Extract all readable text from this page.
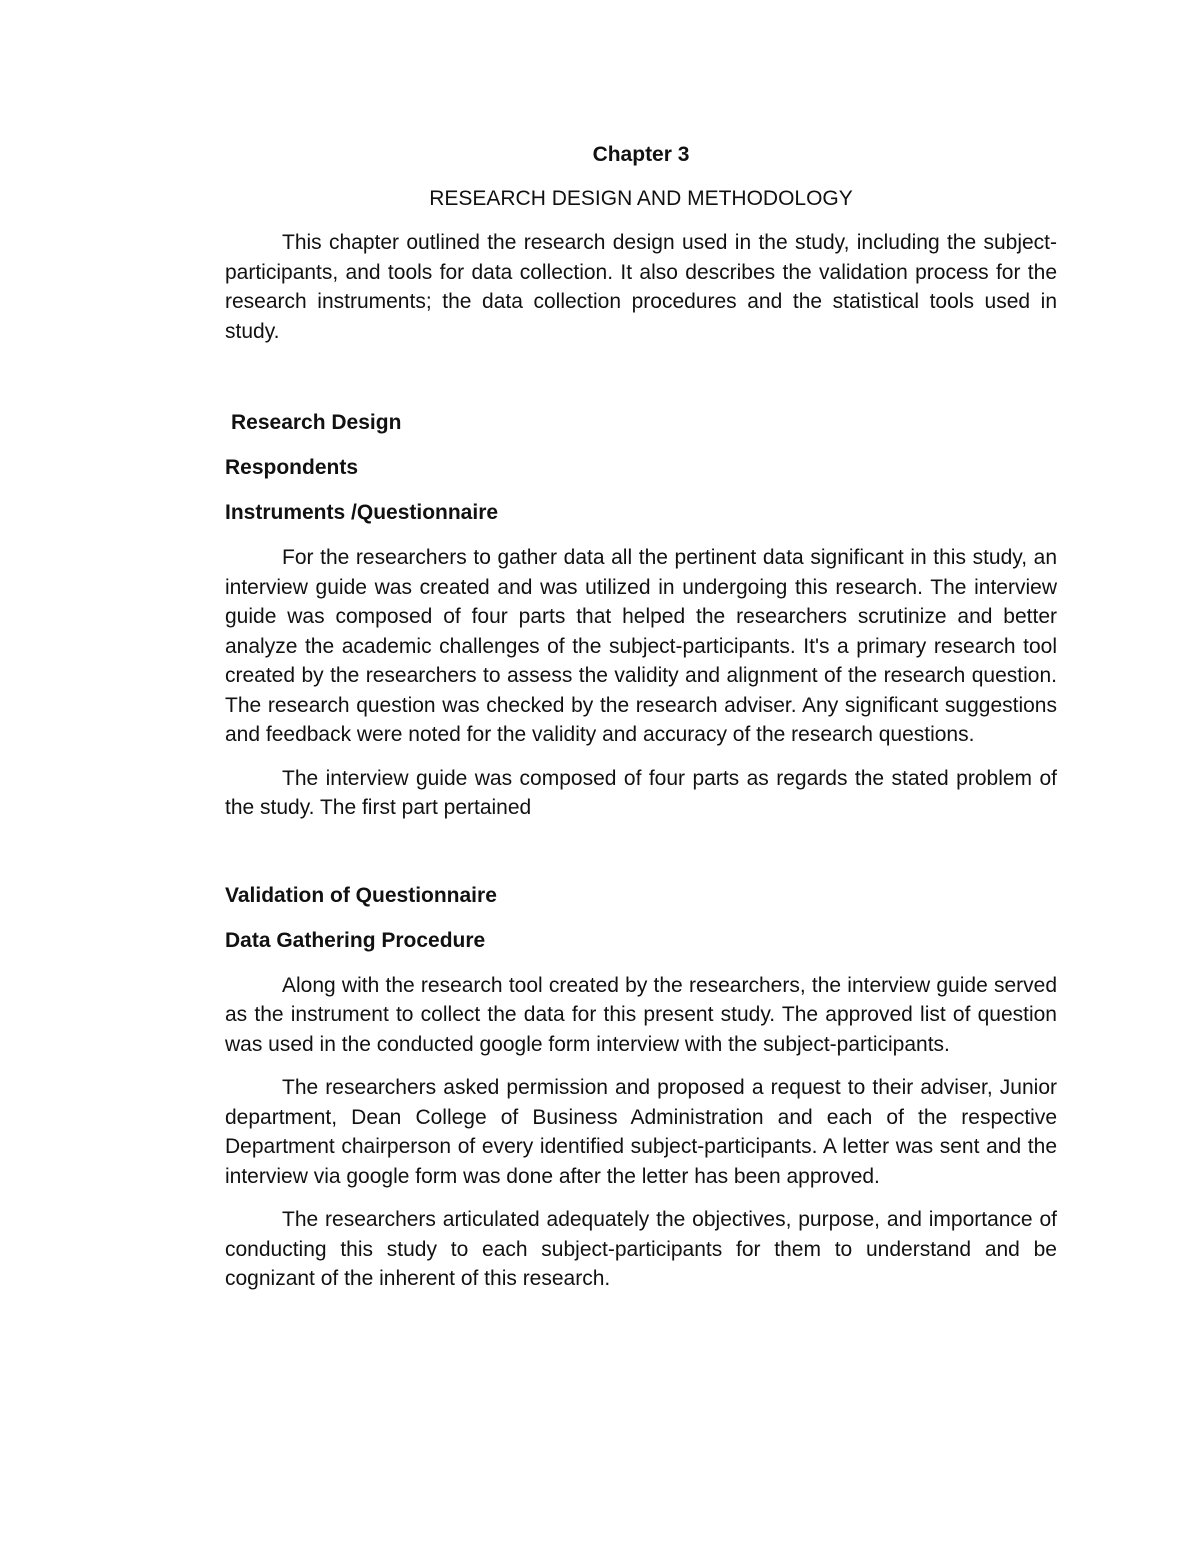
Chapter 3
RESEARCH DESIGN AND METHODOLOGY

This chapter outlined the research design used in the study, including the subject-participants, and tools for data collection. It also describes the validation process for the research instruments; the data collection procedures and the statistical tools used in study.

Research Design
Respondents
Instruments /Questionnaire

For the researchers to gather data all the pertinent data significant in this study, an interview guide was created and was utilized in undergoing this research. The interview guide was composed of four parts that helped the researchers scrutinize and better analyze the academic challenges of the subject-participants. It's a primary research tool created by the researchers to assess the validity and alignment of the research question. The research question was checked by the research adviser. Any significant suggestions and feedback were noted for the validity and accuracy of the research questions.

The interview guide was composed of four parts as regards the stated problem of the study. The first part pertained

Validation of Questionnaire
Data Gathering Procedure

Along with the research tool created by the researchers, the interview guide served as the instrument to collect the data for this present study. The approved list of question was used in the conducted google form interview with the subject-participants.

The researchers asked permission and proposed a request to their adviser, Junior department, Dean College of Business Administration and each of the respective Department chairperson of every identified subject-participants. A letter was sent and the interview via google form was done after the letter has been approved.

The researchers articulated adequately the objectives, purpose, and importance of conducting this study to each subject-participants for them to understand and be cognizant of the inherent of this research.
